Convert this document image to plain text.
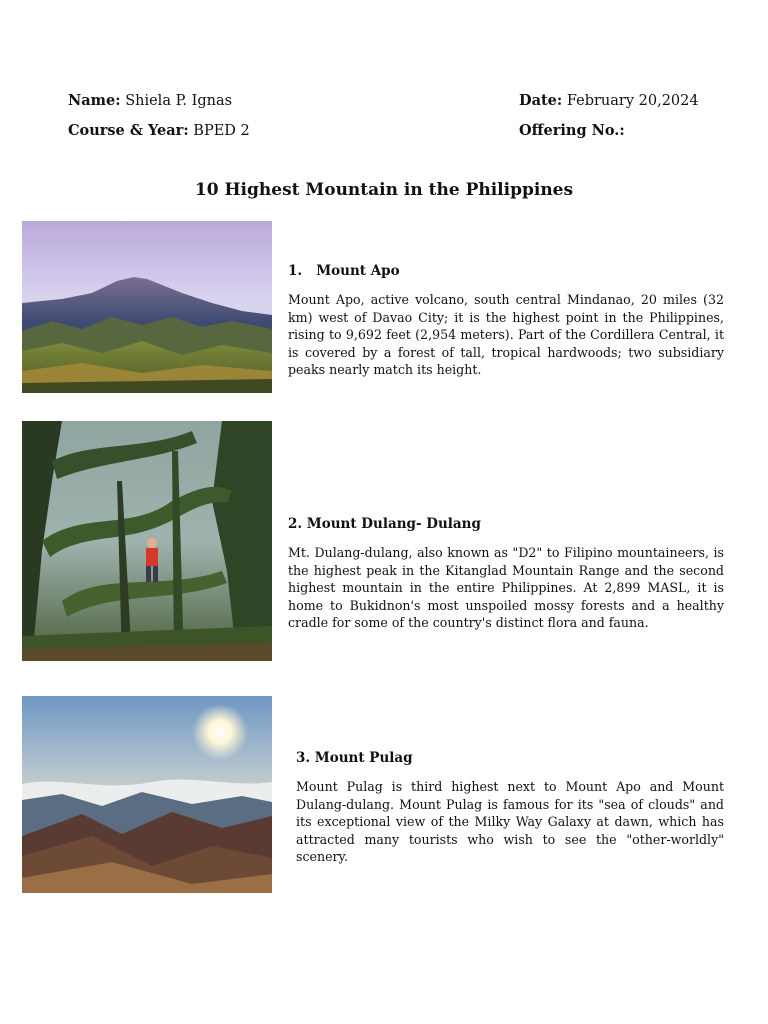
Name: Shiela P. Ignas
Course & Year: BPED 2
Date: February 20,2024
Offering No.:
10 Highest Mountain in the Philippines

1.   Mount Apo

Mount Apo, active volcano, south central Mindanao, 20 miles (32 km) west of Davao City; it is the highest point in the Philippines, rising to 9,692 feet (2,954 meters). Part of the Cordillera Central, it is covered by a forest of tall, tropical hardwoods; two subsidiary peaks nearly match its height.

2. Mount Dulang- Dulang

Mt. Dulang-dulang, also known as "D2" to Filipino mountaineers, is the highest peak in the Kitanglad Mountain Range and the second highest mountain in the entire Philippines. At 2,899 MASL, it is home to Bukidnon's most unspoiled mossy forests and a healthy cradle for some of the country's distinct flora and fauna.

3. Mount Pulag

Mount Pulag is third highest next to Mount Apo and Mount Dulang-dulang. Mount Pulag is famous for its "sea of clouds" and its exceptional view of the Milky Way Galaxy at dawn, which has attracted many tourists who wish to see the "other-worldly" scenery.
